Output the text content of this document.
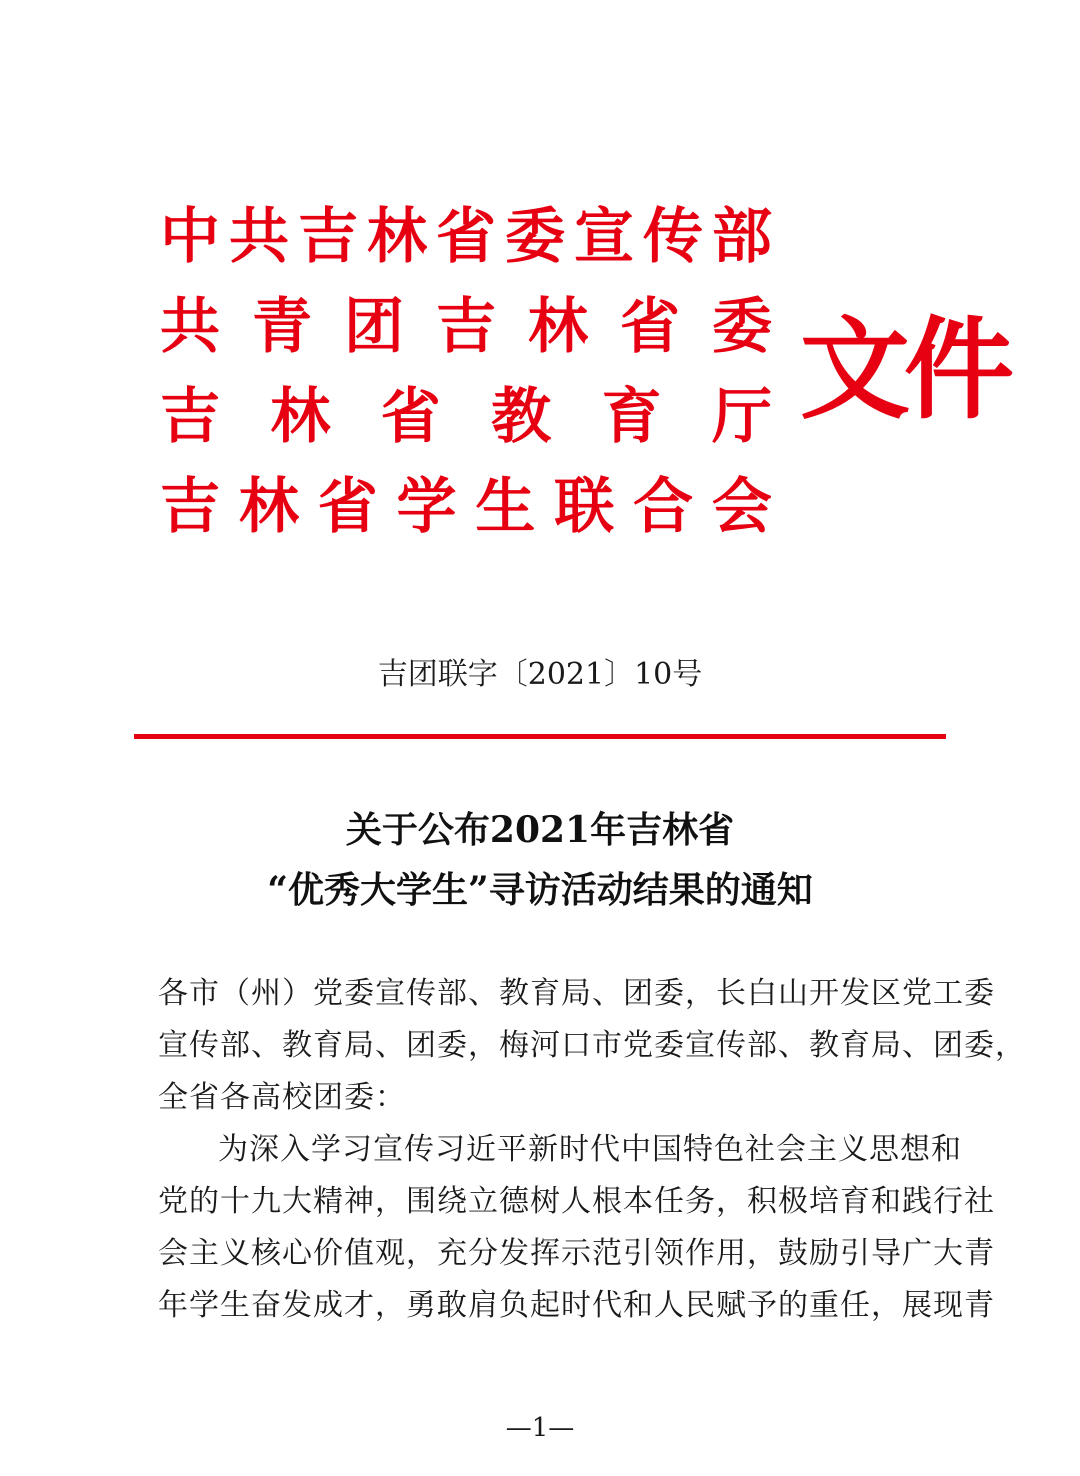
中 共 吉 林 省 委 宣 传 部
共 青 团 吉 林 省 委
吉 林 省 教 育 厅
吉 林 省 学 生 联 合 会
文件
吉团联字〔2021〕10号
关于公布2021年吉林省
“优秀大学生”寻访活动结果的通知

各市（州）党委宣传部、教育局、团委，长白山开发区党工委

宣传部、教育局、团委，梅河口市党委宣传部、教育局、团委，

全省各高校团委：

为深入学习宣传习近平新时代中国特色社会主义思想和

党的十九大精神，围绕立德树人根本任务，积极培育和践行社

会主义核心价值观，充分发挥示范引领作用，鼓励引导广大青

年学生奋发成才，勇敢肩负起时代和人民赋予的重任，展现青

—1—
